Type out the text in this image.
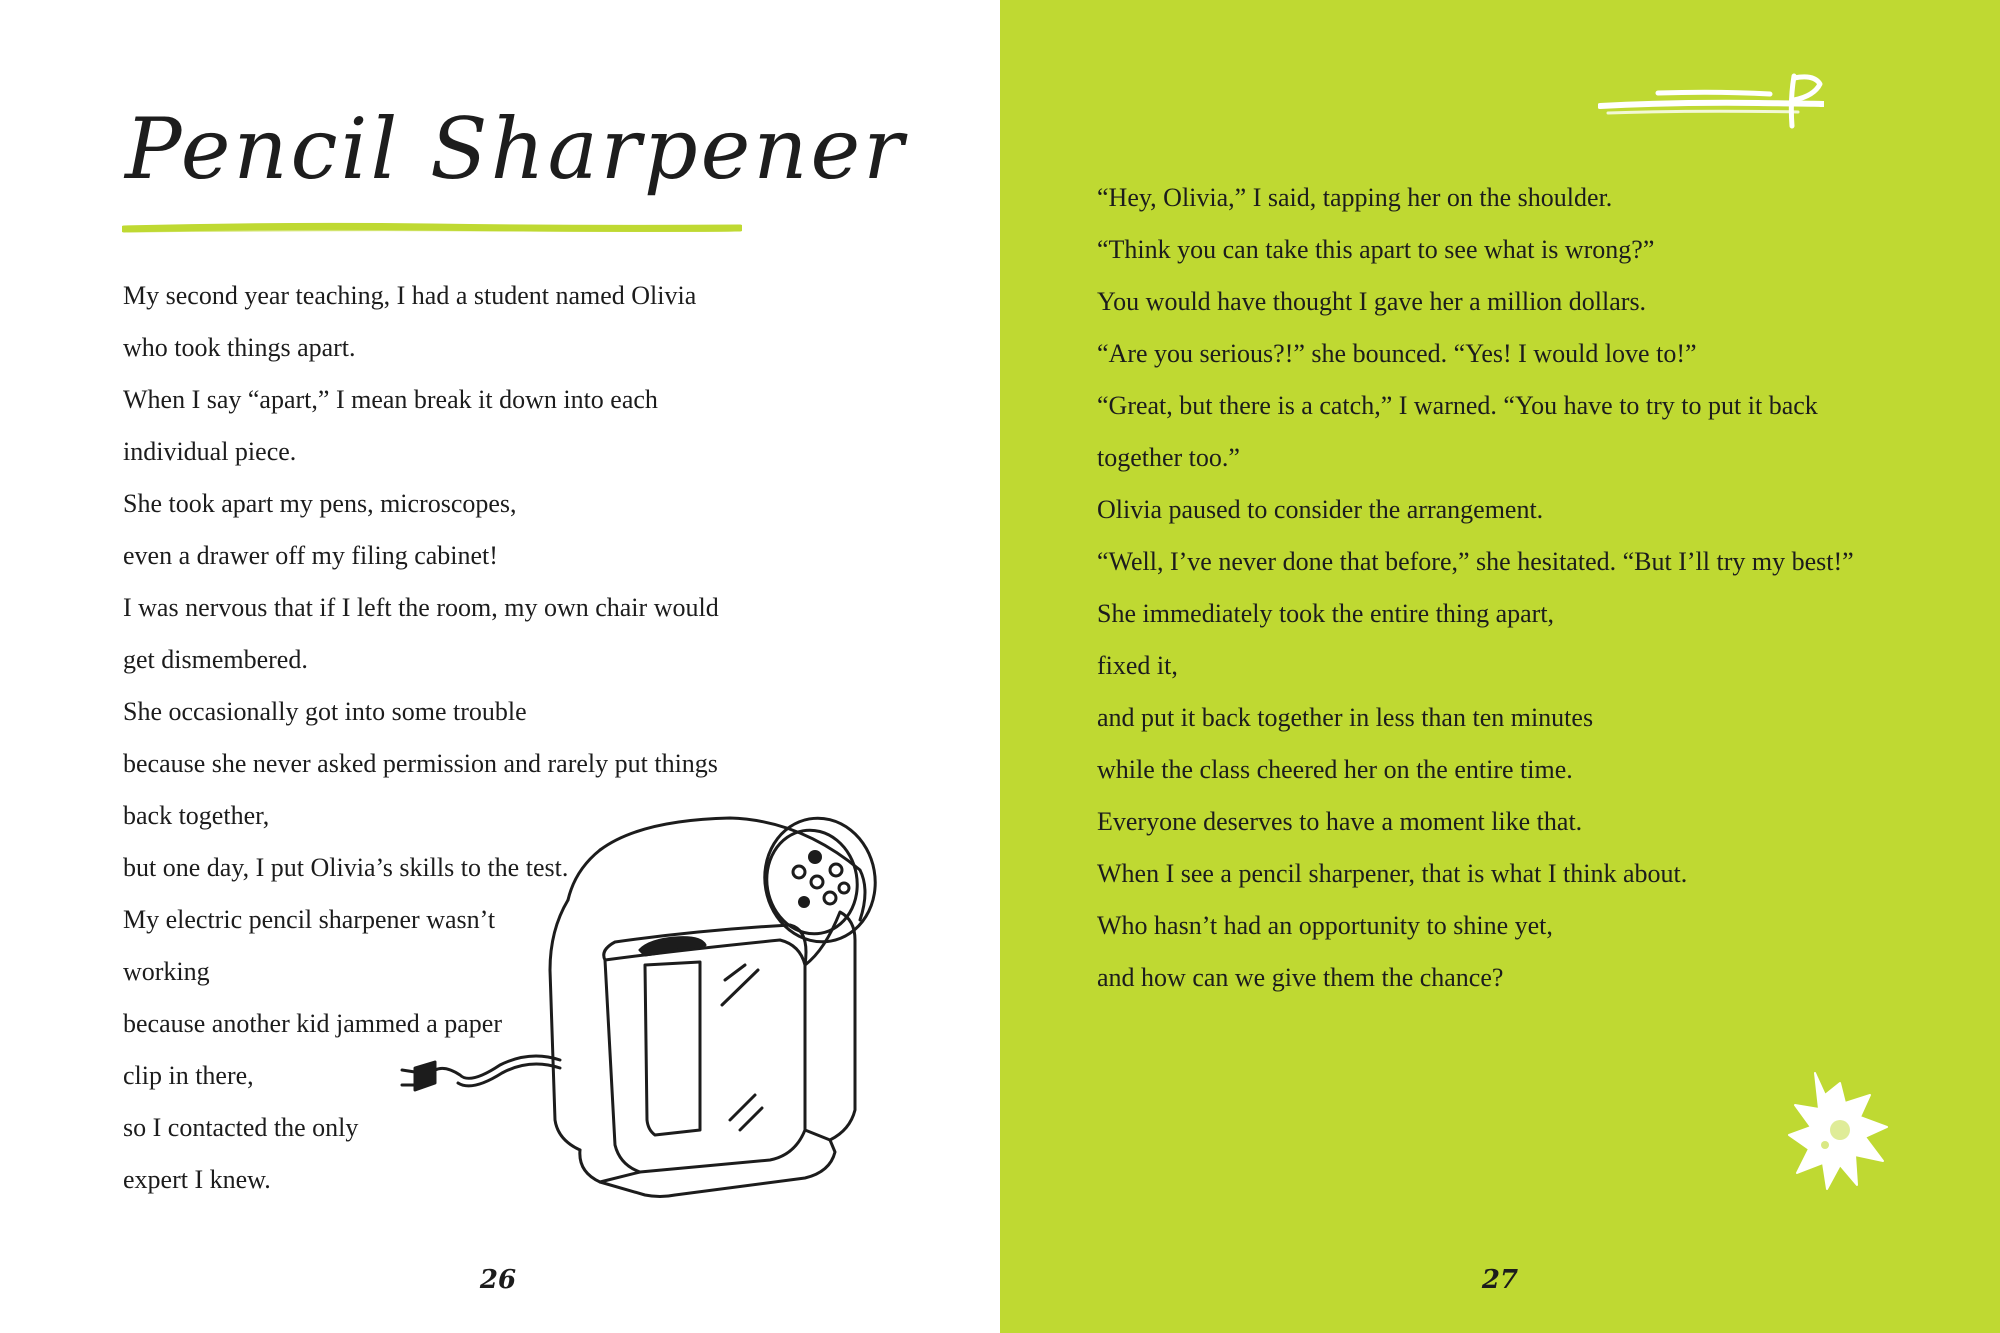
Pencil Sharpener
My second year teaching, I had a student named Olivia
who took things apart.
When I say “apart,” I mean break it down into each
individual piece.
She took apart my pens, microscopes,
even a drawer off my filing cabinet!
I was nervous that if I left the room, my own chair would
get dismembered.
She occasionally got into some trouble
because she never asked permission and rarely put things
back together,
but one day, I put Olivia’s skills to the test.
My electric pencil sharpener wasn’t
working
because another kid jammed a paper
clip in there,
so I contacted the only
expert I knew.
26
“Hey, Olivia,” I said, tapping her on the shoulder.
“Think you can take this apart to see what is wrong?”
You would have thought I gave her a million dollars.
“Are you serious?!” she bounced. “Yes! I would love to!”
“Great, but there is a catch,” I warned. “You have to try to put it back
together too.”
Olivia paused to consider the arrangement.
“Well, I’ve never done that before,” she hesitated. “But I’ll try my best!”
She immediately took the entire thing apart,
fixed it,
and put it back together in less than ten minutes
while the class cheered her on the entire time.
Everyone deserves to have a moment like that.
When I see a pencil sharpener, that is what I think about.
Who hasn’t had an opportunity to shine yet,
and how can we give them the chance?
27
